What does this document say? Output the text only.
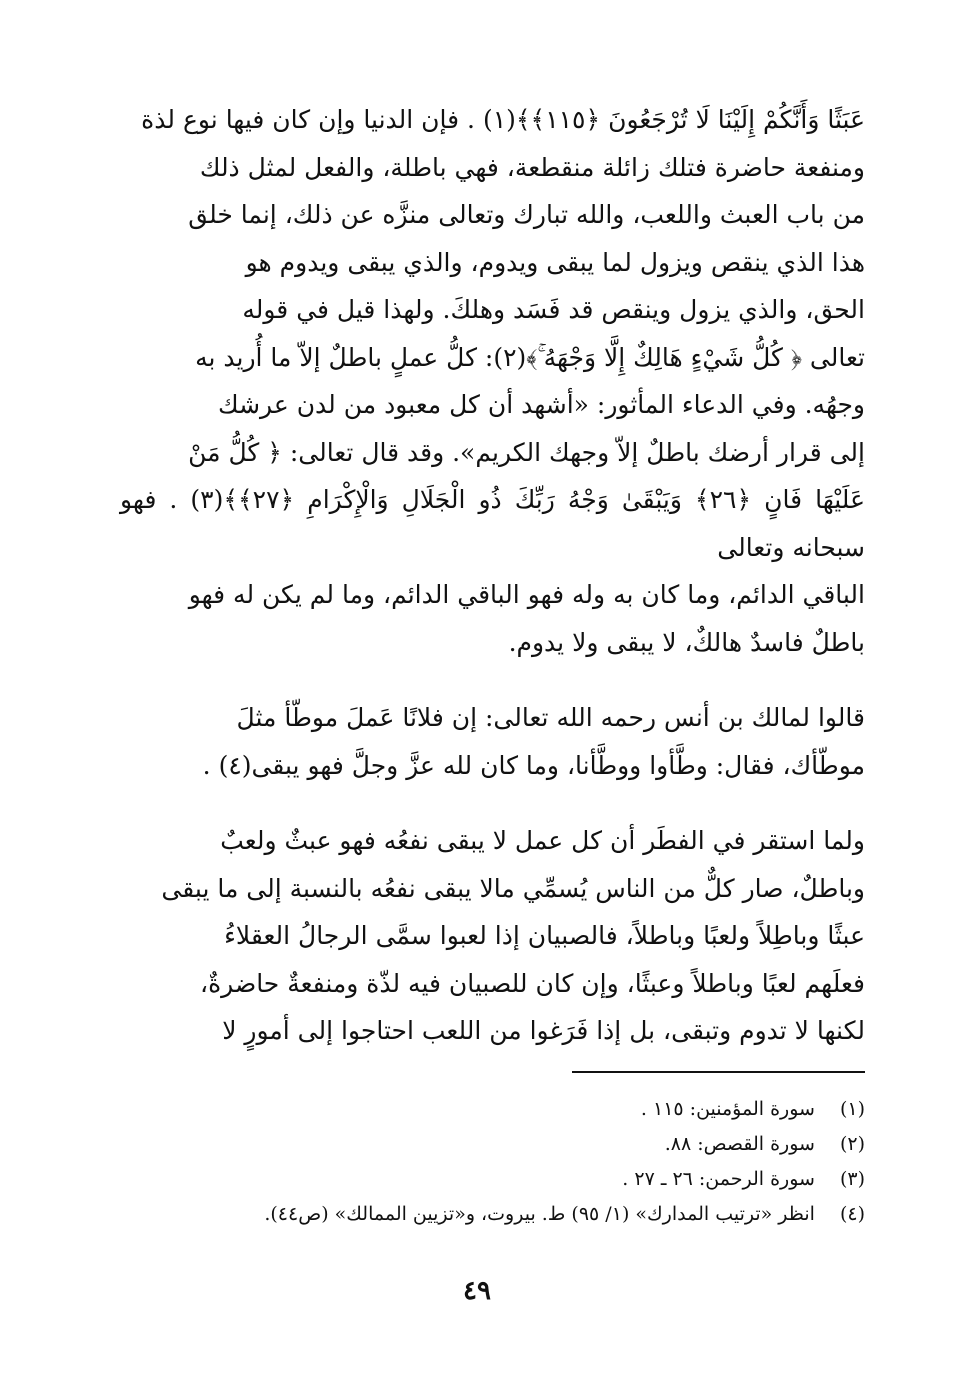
عَبَثًا وَأَنَّكُمْ إِلَيْنَا لَا تُرْجَعُونَ ﴿١١٥﴾﴾(١) . فإن الدنيا وإن كان فيها نوع لذة
ومنفعة حاضرة فتلك زائلة منقطعة، فهي باطلة، والفعل لمثل ذلك
من باب العبث واللعب، والله تبارك وتعالى منزَّه عن ذلك، إنما خلق
هذا الذي ينقص ويزول لما يبقى ويدوم، والذي يبقى ويدوم هو
الحق، والذي يزول وينقص قد فَسَد وهلكَ. ولهذا قيل في قوله
تعالى ﴿ كُلُّ شَيْءٍ هَالِكٌ إِلَّا وَجْهَهُ ۚ﴾(٢): كلُّ عملٍ باطلٌ إلاّ ما أُريد به
وجهُه. وفي الدعاء المأثور: «أشهد أن كل معبود من لدن عرشك
إلى قرار أرضك باطلٌ إلاّ وجهك الكريم». وقد قال تعالى: ﴿ كُلُّ مَنْ
عَلَيْهَا فَانٍ ﴿٢٦﴾ وَيَبْقَىٰ وَجْهُ رَبِّكَ ذُو الْجَلَالِ وَالْإِكْرَامِ ﴿٢٧﴾﴾(٣) . فهو سبحانه وتعالى
الباقي الدائم، وما كان به وله فهو الباقي الدائم، وما لم يكن له فهو
باطلٌ فاسدٌ هالكٌ، لا يبقى ولا يدوم.
قالوا لمالك بن أنس رحمه الله تعالى: إن فلانًا عَملَ موطّأ مثلَ
موطّأك، فقال: وطَّأوا ووطَّأنا، وما كان لله عزَّ وجلَّ فهو يبقى(٤) .
ولما استقر في الفطَر أن كل عمل لا يبقى نفعُه فهو عبثٌ ولعبٌ
وباطلٌ، صار كلٌّ من الناس يُسمِّي مالا يبقى نفعُه بالنسبة إلى ما يبقى
عبثًا وباطِلاً ولعبًا وباطلاً، فالصبيان إذا لعبوا سمَّى الرجالُ العقلاءُ
فعلَهم لعبًا وباطلاً وعبثًا، وإن كان للصبيان فيه لذّة ومنفعةٌ حاضرةٌ،
لكنها لا تدوم وتبقى، بل إذا فَرَغوا من اللعب احتاجوا إلى أمورٍ لا
(١) سورة المؤمنين: ١١٥ .
(٢) سورة القصص: ٨٨.
(٣) سورة الرحمن: ٢٦ ـ ٢٧ .
(٤) انظر «ترتيب المدارك» (١/ ٩٥) ط. بيروت، و«تزيين الممالك» (ص٤٤).
٤٩
